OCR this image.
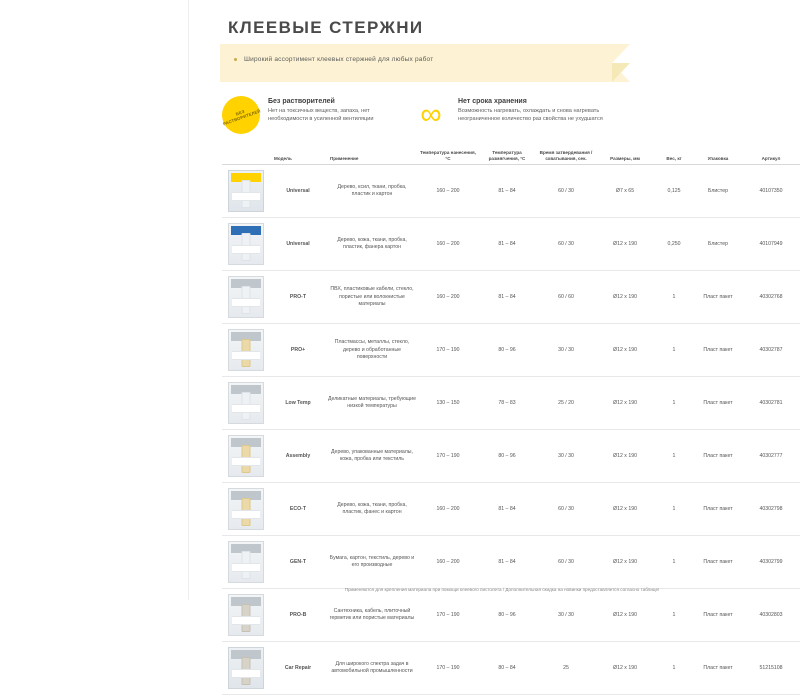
КЛЕЕВЫЕ СТЕРЖНИ
Широкий ассортимент клеевых стержней для любых работ
БЕЗ РАСТВОРИТЕЛЕЙ
Без растворителей
Нет на токсичных веществ, запаха, нет необходимости в усиленной вентиляции	∞	Нет срока хранения
Возможность нагревать, охлаждать и снова нагревать неограниченное количество раз свойства не ухудшатся
	Модель	Применение	Температура нанесения, °C	Температура размягчения, °C	Время затвердевания / схватывания, сек.	Размеры, мм	Вес, кг	Упаковка	Артикул

	Universal	Дерево, ксил, ткани, пробка, пластик и картон	160 – 200	81 – 84	60 / 30	Ø7 x 65	0,125	Блистер	40107350

	Universal	Дерево, кожа, ткани, пробка, пластик, фанера картон	160 – 200	81 – 84	60 / 30	Ø12 x 190	0,250	Блистер	40107949

	PRO-T	ПВХ, пластиковые кабели, стекло, пористые или волокнистые материалы	160 – 200	81 – 84	60 / 60	Ø12 x 190	1	Пласт пакет	40302768

	PRO+	Пластмассы, металлы, стекло, дерево и обработанные поверхности	170 – 190	80 – 96	30 / 30	Ø12 x 190	1	Пласт пакет	40302787

	Low Temp	Деликатные материалы, требующие низкой температуры	130 – 150	78 – 83	25 / 20	Ø12 x 190	1	Пласт пакет	40302781

	Assembly	Дерево, упакованные материалы, кожа, пробка или текстиль	170 – 190	80 – 96	30 / 30	Ø12 x 190	1	Пласт пакет	40302777

	ECO-T	Дерево, кожа, ткани, пробка, пластик, фанес и картон	160 – 200	81 – 84	60 / 30	Ø12 x 190	1	Пласт пакет	40302798

	GEN-T	Бумага, картон, текстиль, дерево и его производные	160 – 200	81 – 84	60 / 30	Ø12 x 190	1	Пласт пакет	40302799

	PRO-B	Сантехника, кабель, плиточный герметик или пористые материалы	170 – 190	80 – 96	30 / 30	Ø12 x 190	1	Пласт пакет	40302803

	Car Repair	Для широкого спектра задач в автомобильной промышленности	170 – 190	80 – 84	25	Ø12 x 190	1	Пласт пакет	51215108
Применяются для крепления материала при помощи клеевого пистолета / Дополнительная скидка на новинки предоставляется согласно таблице!
